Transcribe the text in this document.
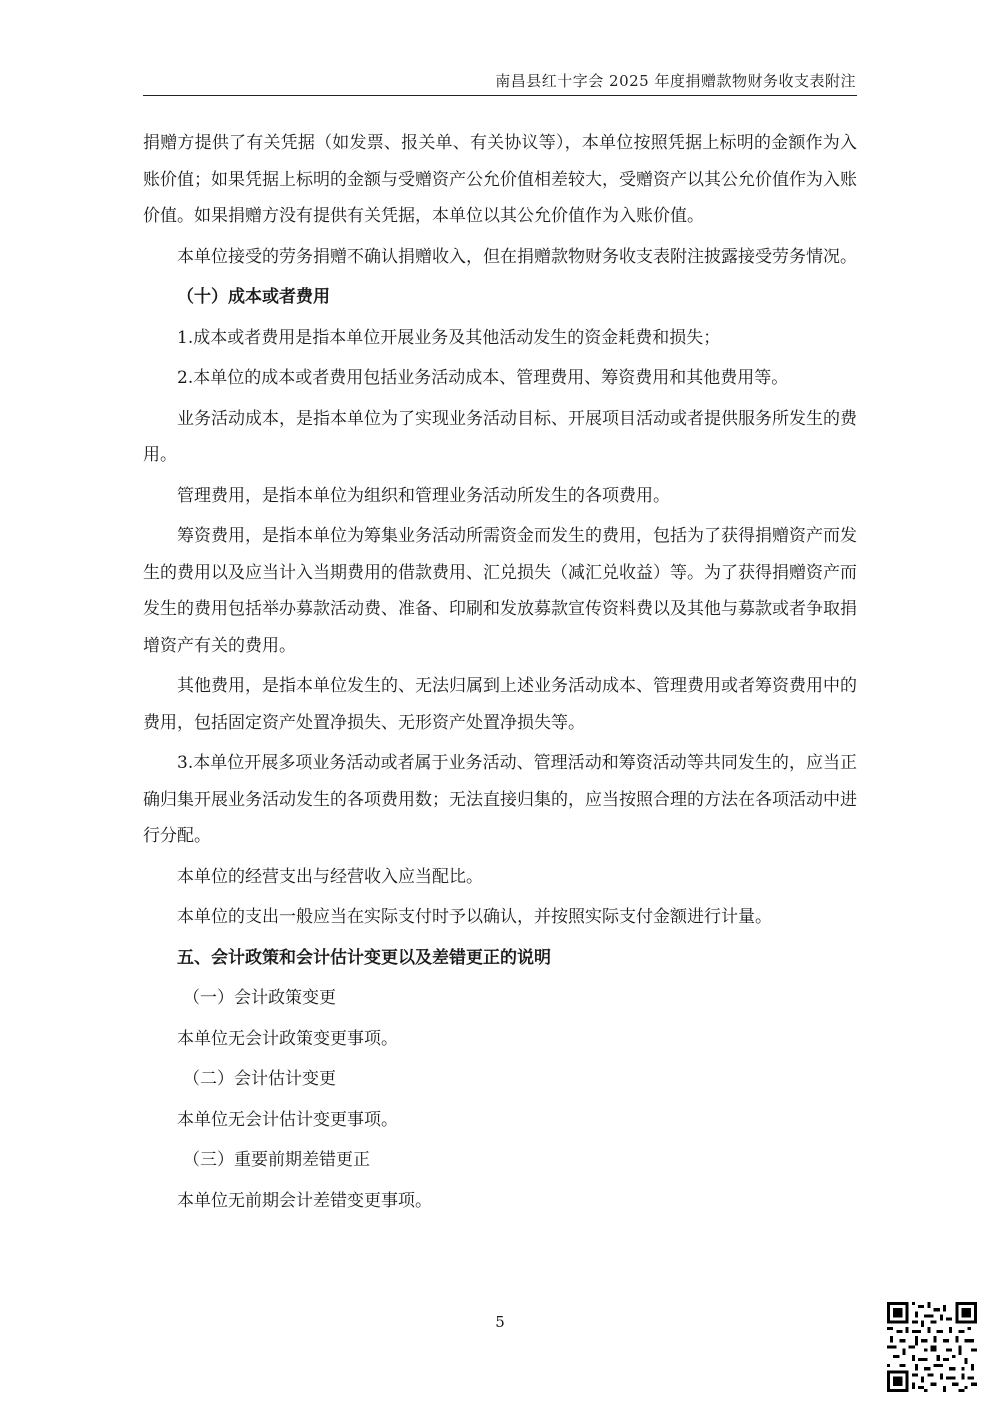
南昌县红十字会 2025 年度捐赠款物财务收支表附注

捐赠方提供了有关凭据（如发票、报关单、有关协议等），本单位按照凭据上标明的金额作为入账价值；如果凭据上标明的金额与受赠资产公允价值相差较大，受赠资产以其公允价值作为入账价值。如果捐赠方没有提供有关凭据，本单位以其公允价值作为入账价值。

本单位接受的劳务捐赠不确认捐赠收入，但在捐赠款物财务收支表附注披露接受劳务情况。

（十）成本或者费用

1.成本或者费用是指本单位开展业务及其他活动发生的资金耗费和损失；

2.本单位的成本或者费用包括业务活动成本、管理费用、筹资费用和其他费用等。

业务活动成本，是指本单位为了实现业务活动目标、开展项目活动或者提供服务所发生的费用。

管理费用，是指本单位为组织和管理业务活动所发生的各项费用。

筹资费用，是指本单位为筹集业务活动所需资金而发生的费用，包括为了获得捐赠资产而发生的费用以及应当计入当期费用的借款费用、汇兑损失（减汇兑收益）等。为了获得捐赠资产而发生的费用包括举办募款活动费、准备、印刷和发放募款宣传资料费以及其他与募款或者争取捐增资产有关的费用。

其他费用，是指本单位发生的、无法归属到上述业务活动成本、管理费用或者筹资费用中的费用，包括固定资产处置净损失、无形资产处置净损失等。

3.本单位开展多项业务活动或者属于业务活动、管理活动和筹资活动等共同发生的，应当正确归集开展业务活动发生的各项费用数；无法直接归集的，应当按照合理的方法在各项活动中进行分配。

本单位的经营支出与经营收入应当配比。

本单位的支出一般应当在实际支付时予以确认，并按照实际支付金额进行计量。

五、会计政策和会计估计变更以及差错更正的说明

（一）会计政策变更

本单位无会计政策变更事项。

（二）会计估计变更

本单位无会计估计变更事项。

（三）重要前期差错更正

本单位无前期会计差错变更事项。

5
